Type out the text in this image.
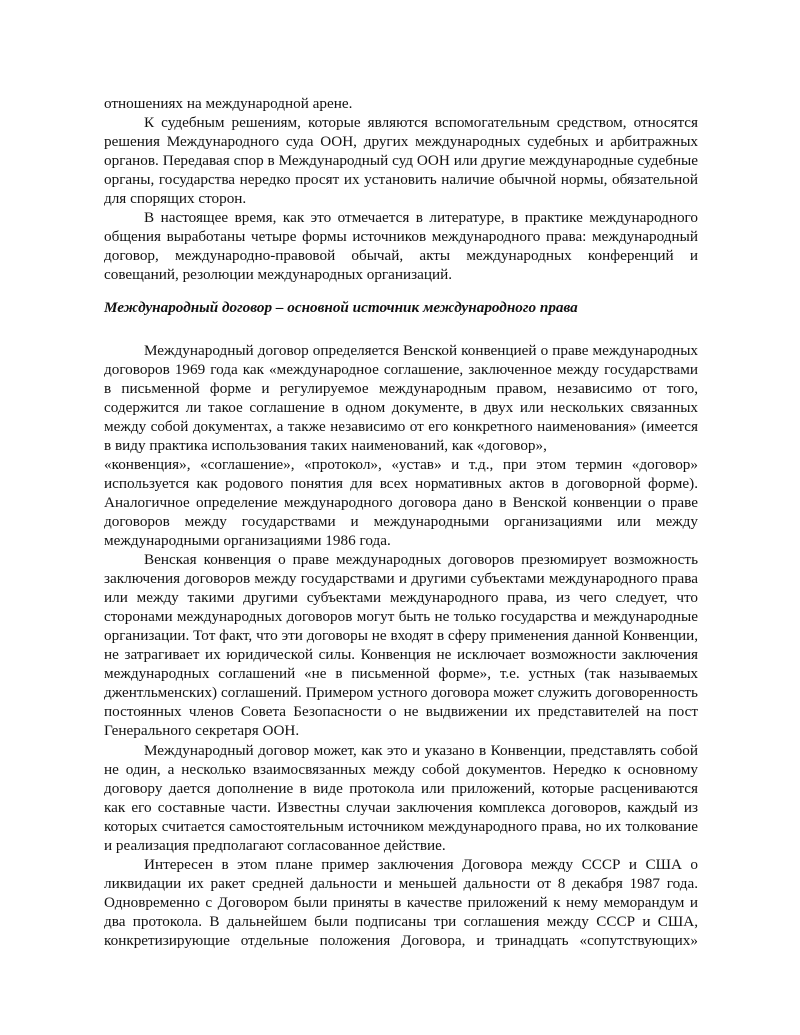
отношениях на международной арене.

К судебным решениям, которые являются вспомогательным средством, относятся решения Международного суда ООН, других международных судебных и арбитражных органов. Передавая спор в Международный суд ООН или другие международные судебные органы, государства нередко просят их установить наличие обычной нормы, обязательной для спорящих сторон.

В настоящее время, как это отмечается в литературе, в практике международного общения выработаны четыре формы источников международного права: международный договор, международно-правовой обычай, акты международных конференций и совещаний, резолюции международных организаций.

Международный договор – основной источник международного права

Международный договор определяется Венской конвенцией о праве международных договоров 1969 года как «международное соглашение, заключенное между государствами в письменной форме и регулируемое международным правом, независимо от того, содержится ли такое соглашение в одном документе, в двух или нескольких связанных между собой документах, а также независимо от его конкретного наименования» (имеется в виду практика использования таких наименований, как «договор»,

«конвенция», «соглашение», «протокол», «устав» и т.д., при этом термин «договор» используется как родового понятия для всех нормативных актов в договорной форме). Аналогичное определение международного договора дано в Венской конвенции о праве договоров между государствами и международными организациями или между международными организациями 1986 года.

Венская конвенция о праве международных договоров презюмирует возможность заключения договоров между государствами и другими субъектами международного права или между такими другими субъектами международного права, из чего следует, что сторонами международных договоров могут быть не только государства и международные организации. Тот факт, что эти договоры не входят в сферу применения данной Конвенции, не затрагивает их юридической силы. Конвенция не исключает возможности заключения международных соглашений «не в письменной форме», т.е. устных (так называемых джентльменских) соглашений. Примером устного договора может служить договоренность постоянных членов Совета Безопасности о не выдвижении их представителей на пост Генерального секретаря ООН.

Международный договор может, как это и указано в Конвенции, представлять собой не один, а несколько взаимосвязанных между собой документов. Нередко к основному договору дается дополнение в виде протокола или приложений, которые расцениваются как его составные части. Известны случаи заключения комплекса договоров, каждый из которых считается самостоятельным источником международного права, но их толкование и реализация предполагают согласованное действие.

Интересен в этом плане пример заключения Договора между СССР и США о ликвидации их ракет средней дальности и меньшей дальности от 8 декабря 1987 года. Одновременно с Договором были приняты в качестве приложений к нему меморандум и два протокола. В дальнейшем были подписаны три соглашения между СССР и США, конкретизирующие отдельные положения Договора, и тринадцать «сопутствующих»
